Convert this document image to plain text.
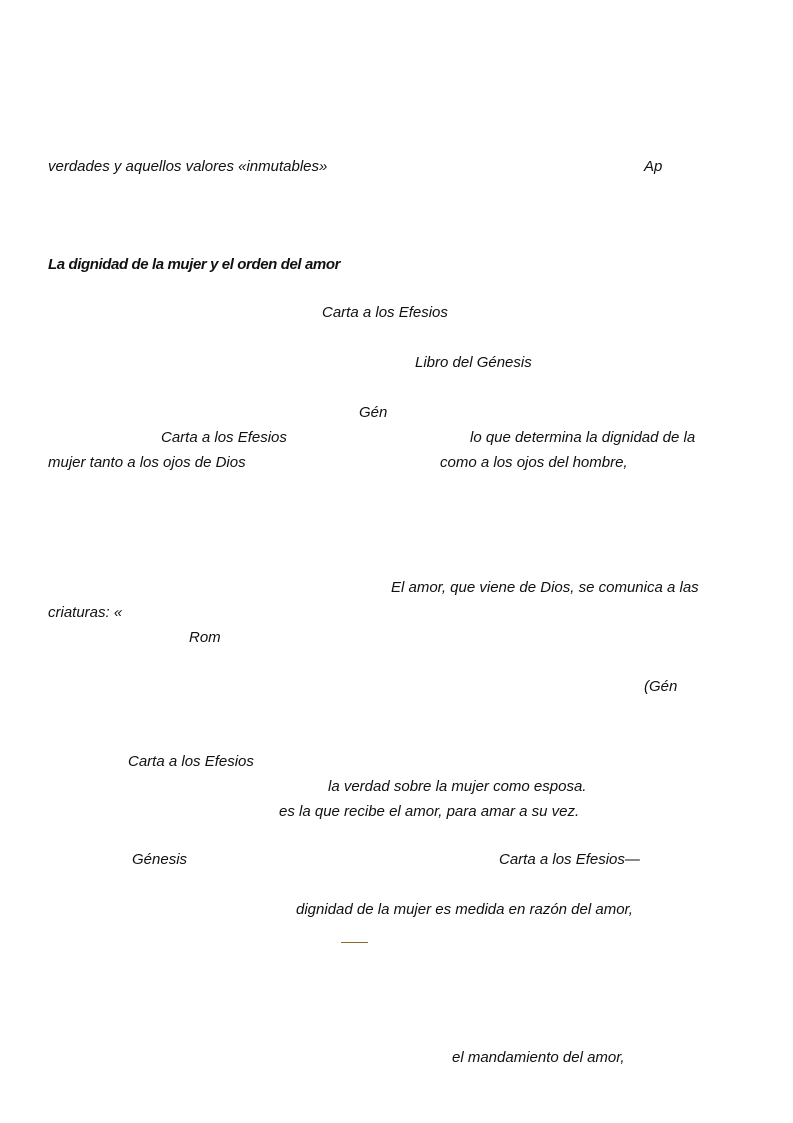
verdades y aquellos valores «inmutables»	Ap
La dignidad de la mujer y el orden del amor
Carta a los Efesios
Libro del Génesis
Gén
Carta a los Efesios	lo que determina la dignidad de la
mujer tanto a los ojos de Dios	como a los ojos del hombre,
El amor, que viene de Dios, se comunica a las
criaturas: «
Rom
(Gén
Carta a los Efesios
la verdad sobre la mujer como esposa.
es la que recibe el amor, para amar a su vez.
Génesis	Carta a los Efesios—
dignidad de la mujer es medida en razón del amor,
el mandamiento del amor,
